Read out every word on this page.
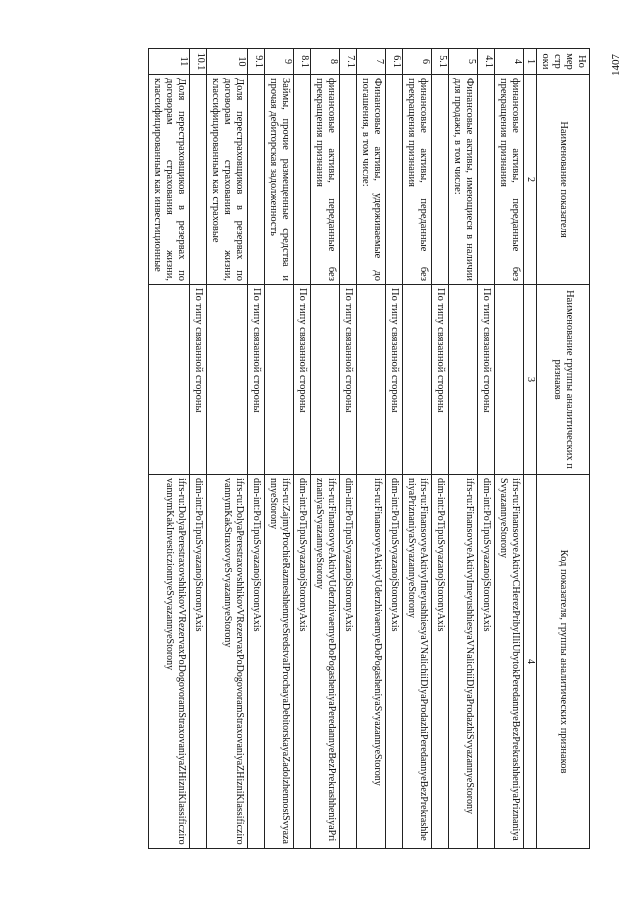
1407
Номер строки	Наименование показателя	Наименование группы аналитических признаков	Код показателя, группы аналитических признаков
1	2	3	4
4	финансовые активы, переданные без прекращения признания		ifrs-ru:FinansovyeAktivyCHerezPribyIIliUbytokPeredannyeBezPrekrashheniyaPriznaniyaSvyazannyeStorony
4.1		По типу связанной стороны	dim-int:PoTipuSvyazanojStoronyAxis
5	Финансовые активы, имеющиеся в наличии для продажи, в том числе:		ifrs-ru:FinansovyeAktivyImeyushhiesyaVNalichiiDlyaProdazhiSvyazannyeStorony
5.1		По типу связанной стороны	dim-int:PoTipuSvyazanojStoronyAxis
6	финансовые активы, переданные без прекращения признания		ifrs-ru:FinansovyeAktivyImeyushhiesyaVNalichiiDlyaProdazhiPeredannyeBezPrekrashheniyaPriznaniyaSvyazannyeStorony
6.1		По типу связанной стороны	dim-int:PoTipuSvyazanojStoronyAxis
7	Финансовые активы, удерживаемые до погашения, в том числе:		ifrs-ru:FinansovyeAktivyUderzhivaemyeDoPogasheniyaSvyazannyeStorony
7.1		По типу связанной стороны	dim-int:PoTipuSvyazanojStoronyAxis
8	финансовые активы, переданные без прекращения признания		ifrs-ru:FinansovyeAktivyUderzhivaemyeDoPogasheniyaPeredannyeBezPrekrashheniyaPriznaniyaSvyazannyeStorony
8.1		По типу связанной стороны	dim-int:PoTipuSvyazanojStoronyAxis
9	Займы, прочие размещенные средства и прочая дебиторская задолженность		ifrs-ru:ZajmyProchieRazmeshhennyeSredstvaIProchayaDebitorskayaZadolzhennostSvyazannyeStorony
9.1		По типу связанной стороны	dim-int:PoTipuSvyazanojStoronyAxis
10	Доля перестраховщиков в резервах по договорам страхования жизни, классифицированным как страховые		ifrs-ru:DolyaPerestraxovshhikovVRezervaxPoDogovoramStraxovaniyaZHizniKlassificzirovannymKakStraxovyeSvyazannyeStorony
10.1		По типу связанной стороны	dim-int:PoTipuSvyazanojStoronyAxis
11	Доля перестраховщиков в резервах по договорам страхования жизни, классифицированным как инвестиционные		ifrs-ru:DolyaPerestraxovshhikovVRezervaxPoDogovoramStraxovaniyaZHizniKlassificzirovannymKakInvesticzionnyeSvyazannyeStorony
